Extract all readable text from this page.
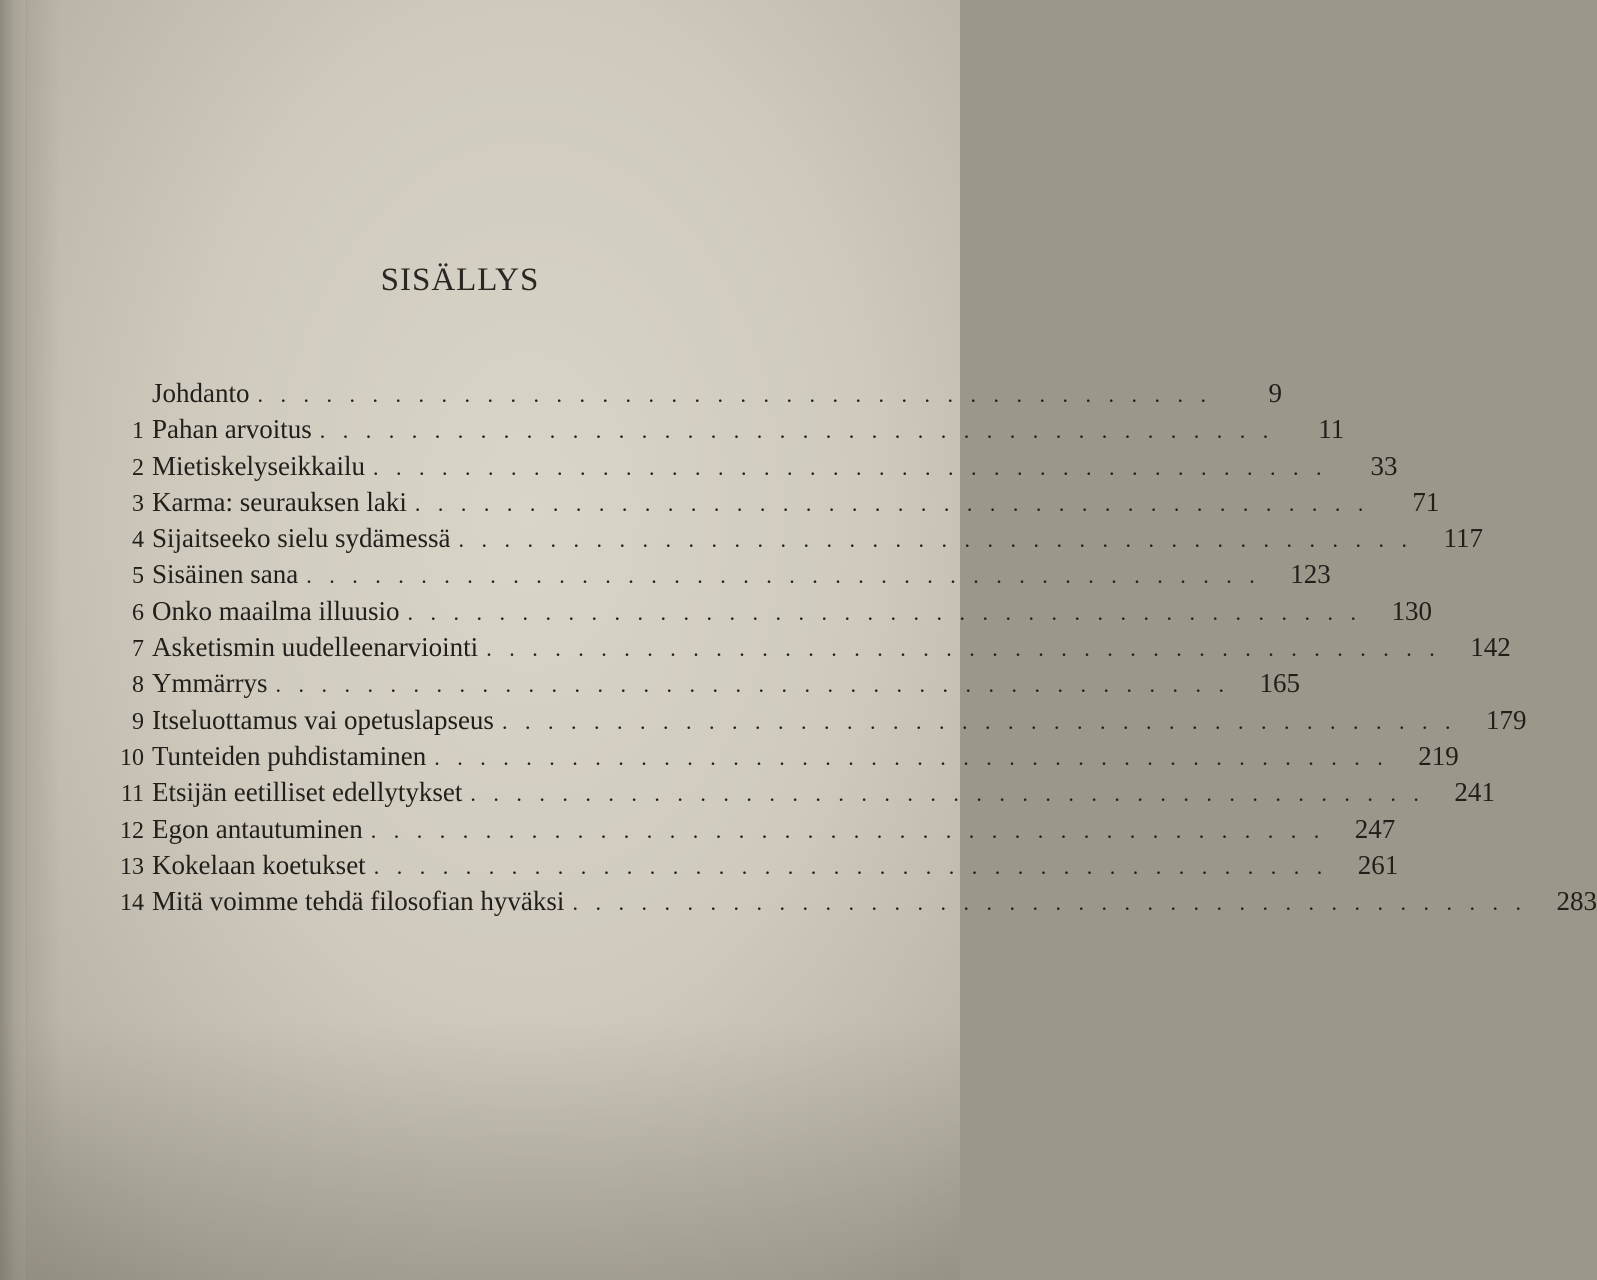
SISÄLLYS
Johdanto . . . . . . . . . . . . . . . . . . . . . . . . . . . . . . . . . . . . . . . . . .	9
1 Pahan arvoitus . . . . . . . . . . . . . . . . . . . . . . . . . . . . . . . . . . . . . . . . . .	11
2 Mietiskelyseikkailu . . . . . . . . . . . . . . . . . . . . . . . . . . . . . . . . . . . . . . . . . .	33
3 Karma: seurauksen laki . . . . . . . . . . . . . . . . . . . . . . . . . . . . . . . . . . . . . . . . . .	71
4 Sijaitseeko sielu sydämessä . . . . . . . . . . . . . . . . . . . . . . . . . . . . . . . . . . . . . . . . . .	117
5 Sisäinen sana . . . . . . . . . . . . . . . . . . . . . . . . . . . . . . . . . . . . . . . . . .	123
6 Onko maailma illuusio . . . . . . . . . . . . . . . . . . . . . . . . . . . . . . . . . . . . . . . . . .	130
7 Asketismin uudelleenarviointi . . . . . . . . . . . . . . . . . . . . . . . . . . . . . . . . . . . . . . . . . .	142
8 Ymmärrys . . . . . . . . . . . . . . . . . . . . . . . . . . . . . . . . . . . . . . . . . .	165
9 Itseluottamus vai opetuslapseus . . . . . . . . . . . . . . . . . . . . . . . . . . . . . . . . . . . . . . . . . .	179
10 Tunteiden puhdistaminen . . . . . . . . . . . . . . . . . . . . . . . . . . . . . . . . . . . . . . . . . .	219
11 Etsijän eetilliset edellytykset . . . . . . . . . . . . . . . . . . . . . . . . . . . . . . . . . . . . . . . . . .	241
12 Egon antautuminen . . . . . . . . . . . . . . . . . . . . . . . . . . . . . . . . . . . . . . . . . .	247
13 Kokelaan koetukset . . . . . . . . . . . . . . . . . . . . . . . . . . . . . . . . . . . . . . . . . .	261
14 Mitä voimme tehdä filosofian hyväksi . . . . . . . . . . . . . . . . . . . . . . . . . . . . . . . . . . . . . . . . . .	283
